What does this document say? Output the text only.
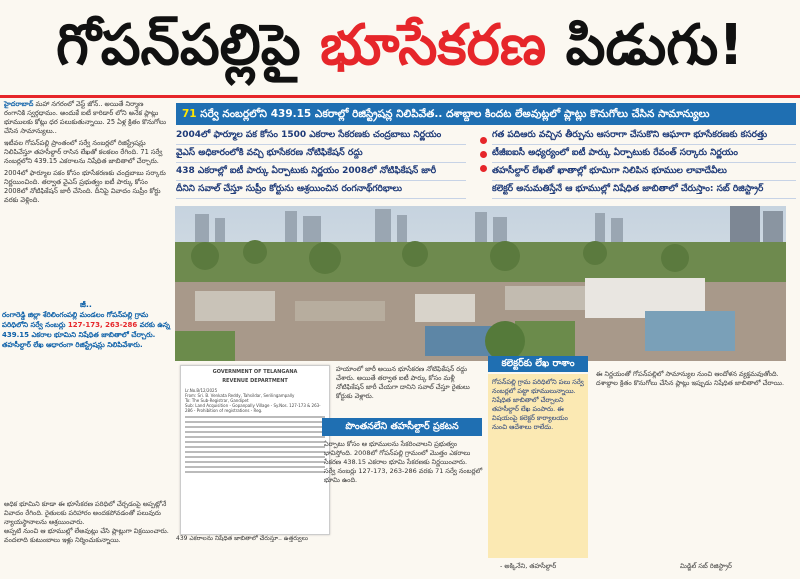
గోపన్‌పల్లిపై భూసేకరణ పిడుగు!
హైదరాబాద్ మహా నగరంలో వెస్ట్ జోన్.. అయితే నిర్మాణ రంగానికి స్వర్గధామం. అందుకే ఐటీ కారిడార్ లోని అనేక ప్లాట్లు భూములకు కోట్లు ధర పలుకుతున్నాయి. 25 ఏళ్ల క్రితం కొనుగోలు చేసిన సామాన్యులు..
ఇటీవల గోపన్‌పల్లి ప్రాంతంలో సర్వే నంబర్లలో రిజిస్ట్రేషన్లు నిలిపివేస్తూ తహసీల్దార్ రాసిన లేఖతో కలకలం రేగింది. 71 సర్వే నంబర్లలోని 439.15 ఎకరాలను నిషేధిత జాబితాలో చేర్చారు.
2004లో ఫార్మూల పకం కోసం భూసేకరణకు చంద్రబాబు సర్కారు నిర్ణయించింది. తర్వాత వైఎస్ ప్రభుత్వం ఐటీ పార్కు కోసం 2008లో నోటిఫికేషన్ జారీ చేసింది. దీనిపై వివాదం సుప్రీం కోర్టు వరకు వెళ్లింది.
జీ..
రంగారెడ్డి జిల్లా శేరిలింగంపల్లి మండలం గోపన్‌పల్లి గ్రామ పరిధిలోని సర్వే నంబర్లు 127-173, 263-286 వరకు ఉన్న 439.15 ఎకరాల భూమిని నిషేధిత జాబితాలో చేర్చారు. తహసీల్దార్ లేఖ ఆధారంగా రిజిస్ట్రేషన్లు నిలిపివేశారు.
71 సర్వే నంబర్లలోని 439.15 ఎకరాల్లో రిజిస్ట్రేషన్ల నిలిపివేత.. దశాబ్దాల కిందట లేఅవుట్లలో ప్లాట్లు కొనుగోలు చేసిన సామాన్యులు
2004లో ఫార్మూల పక కోసం 1500 ఎకరాల సేకరణకు చంద్రబాబు నిర్ణయం
వైఎస్ అధికారంలోకి వచ్చి భూసేకరణ నోటిఫికేషన్ రద్దు
438 ఎకరాల్లో ఐటీ పార్కు ఏర్పాటుకు నిర్ణయం 2008లో నోటిఫికేషన్ జారీ
దీనిని సవాల్ చేస్తూ సుప్రీం కోర్టును ఆశ్రయించిన రంగనాథ్‌గరిభాలు
గత పదిఆరు వచ్చిన తీర్పును ఆసరాగా చేసుకొని ఆఘాగా భూసేకరణకు కసరత్తు
టీజీఐఐసీ అధ్యర్యంలో ఐటీ పార్కు ఏర్పాటుకు రేవంత్ సర్కారు నిర్ణయం
తహసీల్దార్ లేఖతో ఖాతాల్లో భూమిగా నిలిపిన భూముల లావాదేవీలు
కలెక్టర్ అనుమతిస్తేనే ఆ భూముల్లో నిషేధిత జాబితాలో చేరుస్తాం: సబ్ రిజిస్ట్రార్
GOVERNMENT OF TELANGANA
REVENUE DEPARTMENT
Lr.No.B/12/2025
From: Sri. B. Venkata Reddy, Tahsildar, Serilingampally
To: The Sub-Registrar, Gandipet
Sub: Land Acquisition - Gopanpally Village - Sy.Nos. 127-173 & 263-286 - Prohibition of registrations - Reg.
439 ఎకరాలను నిషేధిత జాబితాలో చేరుస్తూ.. ఉత్తర్వులు
అధిక భూమిని కూడా ఈ భూసేకరణ పరిధిలో చేర్చడంపై అప్పట్లోనే వివాదం రేగింది. రైతులకు పరిహారం అందకపోవడంతో పలువురు న్యాయస్థానాలను ఆశ్రయించారు.
అప్పటి నుంచి ఆ భూముల్లో లేఅవుట్లు చేసి ప్లాట్లుగా విక్రయించారు. వందలాది కుటుంబాలు ఇళ్లు నిర్మించుకున్నాయి.
హయాంలో జారీ అయిన భూసేకరణ నోటిఫికేషన్ రద్దు చేశారు. అయితే తర్వాత ఐటీ పార్కు కోసం మళ్లీ నోటిఫికేషన్ జారీ చేయగా దానిని సవాల్ చేస్తూ రైతులు కోర్టుకు వెళ్లారు.
పొంతనలేని తహసీల్దార్ ప్రకటన
ఏర్పాటు కోసం ఆ భూములను సేకరించాలని ప్రభుత్వం భావిస్తోంది. 2008లో గోపన్‌పల్లి గ్రామంలో మొత్తం ఎకరాలు సేకరణ 438.15 ఎకరాల భూమి సేకరణకు నిర్ణయించారు.
సర్వే నంబర్లు 127-173, 263-286 వరకు 71 సర్వే నంబర్లలో భూమి ఉంది.
కలెక్టర్‌కు లేఖ రాశాం
గోపన్‌పల్లి గ్రామ పరిధిలోని పలు సర్వే నంబర్లలో పట్టా భూములున్నాయి. నిషేధిత జాబితాలో చేర్చాలని తహసీల్దార్ లేఖ పంపారు. ఈ విషయంపై కలెక్టర్ కార్యాలయం నుంచి ఆదేశాలు రాలేదు.
ఈ నిర్ణయంతో గోపన్‌పల్లిలో సామాన్యుల నుంచి ఆందోళన వ్యక్తమవుతోంది. దశాబ్దాల క్రితం కొనుగోలు చేసిన ప్లాట్లు ఇప్పుడు నిషేధిత జాబితాలో చేరాయి.
- అక్కినేని, తహసీల్దార్	మిడ్జిల్ సబ్ రిజిస్ట్రార్
